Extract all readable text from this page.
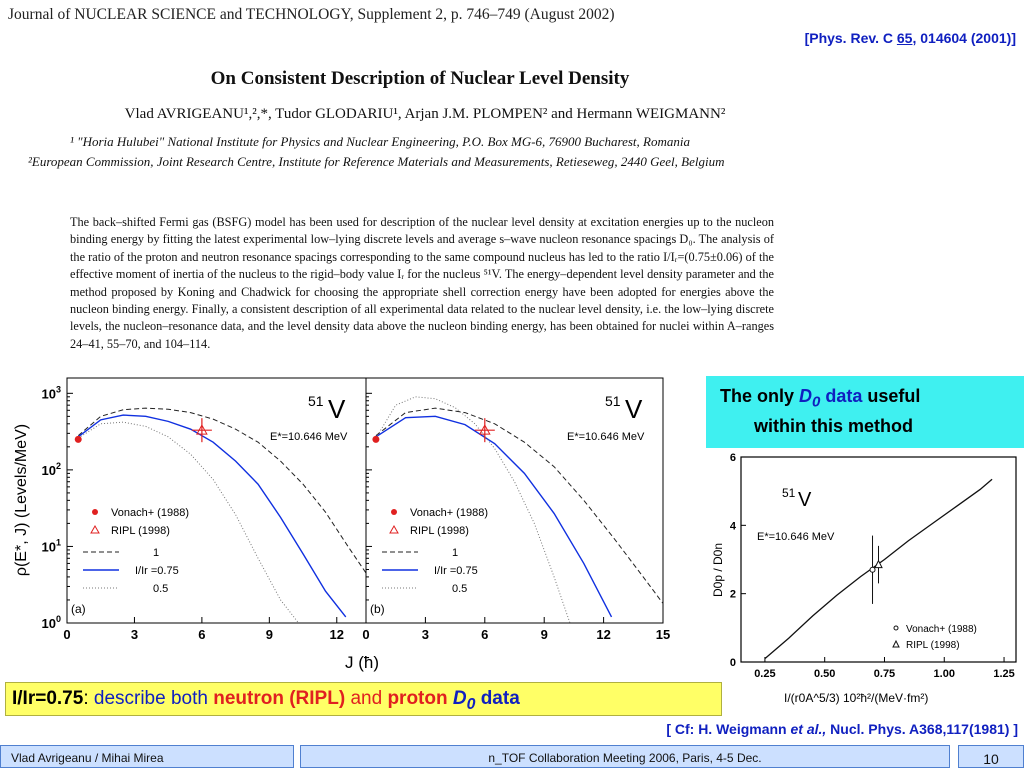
Journal of NUCLEAR SCIENCE and TECHNOLOGY, Supplement 2, p. 746–749 (August 2002)
[Phys. Rev. C 65, 014604 (2001)]
On Consistent Description of Nuclear Level Density
Vlad AVRIGEANU¹,²,*, Tudor GLODARIU¹, Arjan J.M. PLOMPEN² and Hermann WEIGMANN²
¹ "Horia Hulubei" National Institute for Physics and Nuclear Engineering, P.O. Box MG-6, 76900 Bucharest, Romania
²European Commission, Joint Research Centre, Institute for Reference Materials and Measurements, Retieseweg, 2440 Geel, Belgium
The back–shifted Fermi gas (BSFG) model has been used for description of the nuclear level density at excitation energies up to the nucleon binding energy by fitting the latest experimental low–lying discrete levels and average s–wave nucleon resonance spacings D₀. The analysis of the ratio of the proton and neutron resonance spacings corresponding to the same compound nucleus has led to the ratio I/Iᵣ=(0.75±0.06) of the effective moment of inertia of the nucleus to the rigid–body value Iᵣ for the nucleus ⁵¹V. The energy–dependent level density parameter and the method proposed by Koning and Chadwick for choosing the appropriate shell correction energy have been adopted for energies above the nucleon binding energy. Finally, a consistent description of all experimental data related to the nuclear level density, i.e. the low–lying discrete levels, the nucleon–resonance data, and the level density data above the nucleon binding energy, has been obtained for nuclei within A–ranges 24–41, 55–70, and 104–114.
0	3	6	9	12
$10^0$
$10^1$
$10^2$
$10^3$
51 V
E*=10.646 MeV
(a)
Vonach+ (1988)
RIPL (1998)
1
I/Ir =0.75
0.5
0	3	6	9	12	15
51 V
E*=10.646 MeV
(b)
Vonach+ (1988)
RIPL (1998)
1
I/Ir =0.75
0.5
ρ(E*, J) (Levels/MeV)
J (ħ)
The only $D_0$ data useful
within this method
0.25	0.50	0.75	1.00	1.25
0
2
4
6
51 V
E*=10.646 MeV
D0p / D0n
Vonach+ (1988)
RIPL (1998)
I/(r0A^5/3) 10²ħ²/(MeV·fm²)
I/Ir=0.75: describe both neutron (RIPL) and proton $D_0$ data
[ Cf: H. Weigmann et al., Nucl. Phys. A368,117(1981) ]
Vlad Avrigeanu / Mihai Mirea	n_TOF Collaboration Meeting 2006, Paris, 4-5 Dec.	10
